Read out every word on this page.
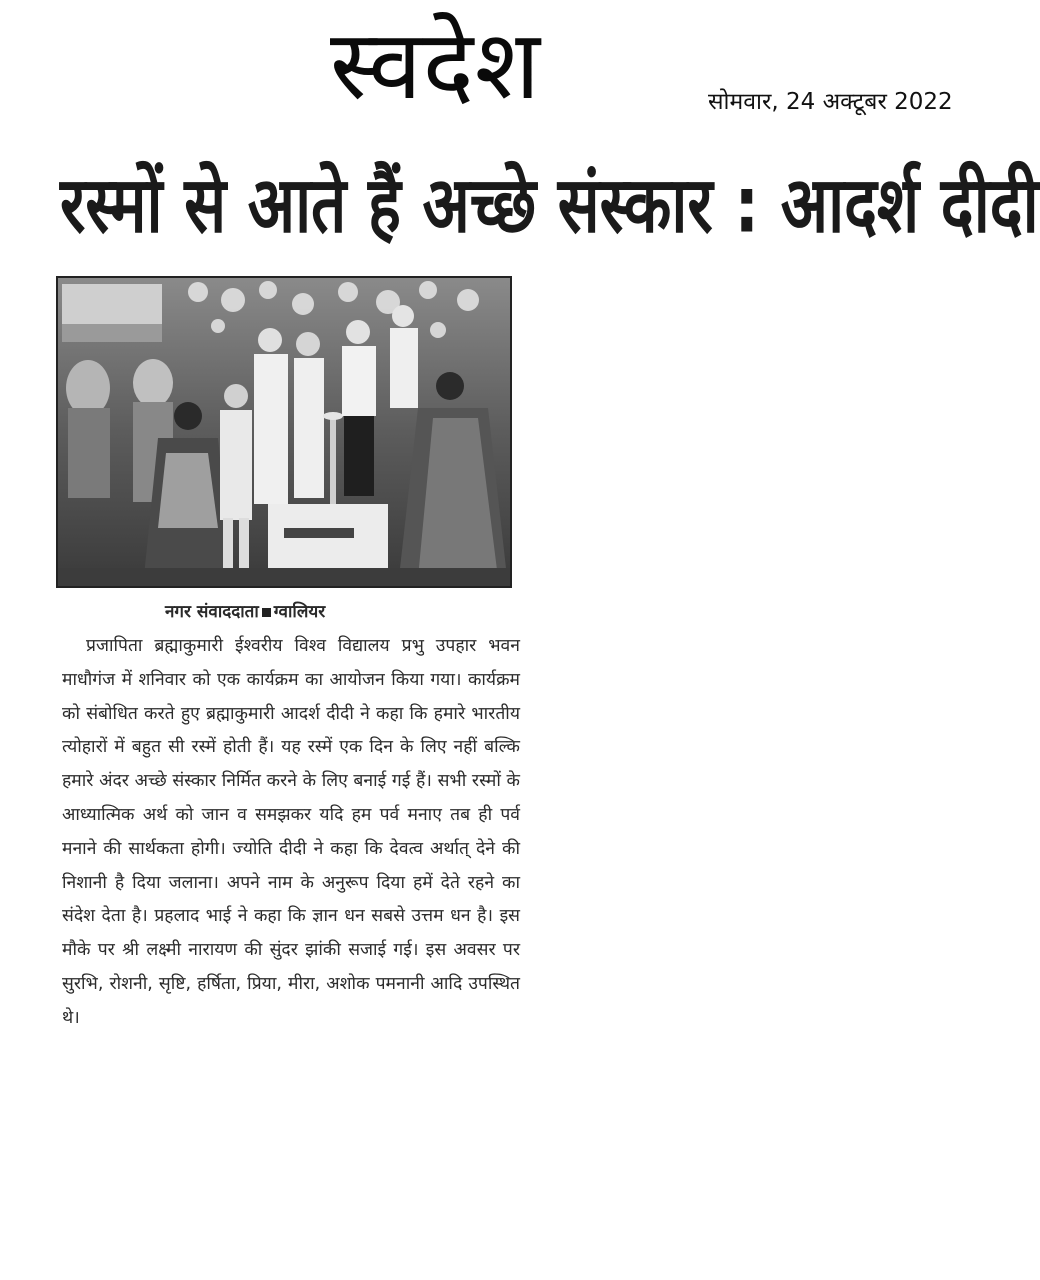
स्वदेश	सोमवार, 24 अक्टूबर 2022
रस्मों से आते हैं अच्छे संस्कार : आदर्श दीदी
नगर संवाददाता ग्वालियर

प्रजापिता ब्रह्माकुमारी ईश्वरीय विश्व विद्यालय प्रभु उपहार भवन माधौगंज में शनिवार को एक कार्यक्रम का आयोजन किया गया। कार्यक्रम को संबोधित करते हुए ब्रह्माकुमारी आदर्श दीदी ने कहा कि हमारे भारतीय त्योहारों में बहुत सी रस्में होती हैं। यह रस्में एक दिन के लिए नहीं बल्कि हमारे अंदर अच्छे संस्कार निर्मित करने के लिए बनाई गई हैं। सभी रस्मों के आध्यात्मिक अर्थ को जान व समझकर यदि हम पर्व मनाए तब ही पर्व मनाने की सार्थकता होगी। ज्योति दीदी ने कहा कि देवत्व अर्थात् देने की निशानी है दिया जलाना। अपने नाम के अनुरूप दिया हमें देते रहने का संदेश देता है। प्रहलाद भाई ने कहा कि ज्ञान धन सबसे उत्तम धन है। इस मौके पर श्री लक्ष्मी नारायण की सुंदर झांकी सजाई गई। इस अवसर पर सुरभि, रोशनी, सृष्टि, हर्षिता, प्रिया, मीरा, अशोक पमनानी आदि उपस्थित थे।
